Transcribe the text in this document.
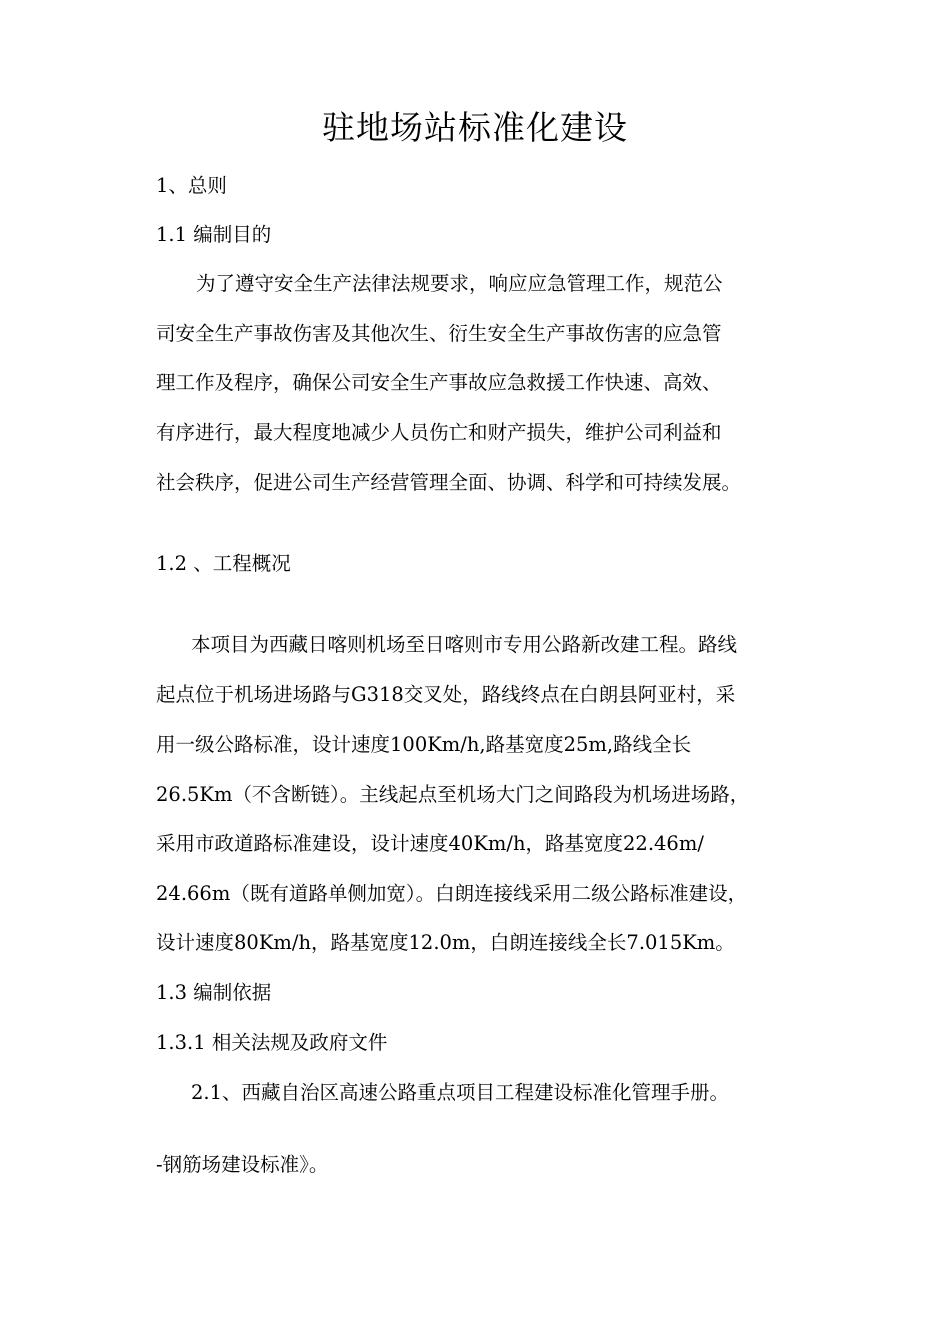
驻地场站标准化建设
1、总则
1.1 编制目的
为了遵守安全生产法律法规要求，响应应急管理工作，规范公
司安全生产事故伤害及其他次生、衍生安全生产事故伤害的应急管
理工作及程序，确保公司安全生产事故应急救援工作快速、高效、
有序进行，最大程度地减少人员伤亡和财产损失，维护公司利益和
社会秩序，促进公司生产经营管理全面、协调、科学和可持续发展。
1.2 、工程概况
本项目为西藏日喀则机场至日喀则市专用公路新改建工程。路线
起点位于机场进场路与G318交叉处，路线终点在白朗县阿亚村，采
用一级公路标准，设计速度100Km/h,路基宽度25m,路线全长
26.5Km（不含断链）。主线起点至机场大门之间路段为机场进场路，
采用市政道路标准建设，设计速度40Km/h，路基宽度22.46m/
24.66m（既有道路单侧加宽）。白朗连接线采用二级公路标准建设，
设计速度80Km/h，路基宽度12.0m，白朗连接线全长7.015Km。
1.3 编制依据
1.3.1 相关法规及政府文件
2.1、西藏自治区高速公路重点项目工程建设标准化管理手册。
-钢筋场建设标准》。
